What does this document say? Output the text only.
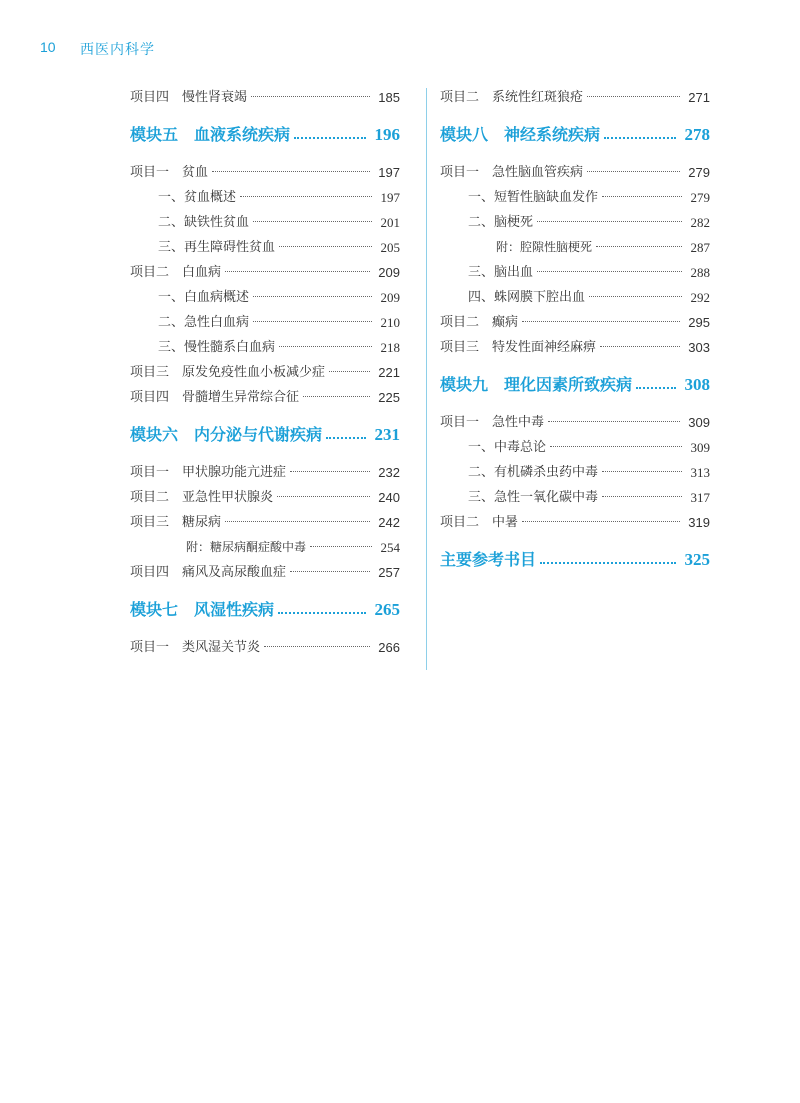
10 西医内科学
项目四　慢性肾衰竭	185
模块五　血液系统疾病	196
项目一　贫血	197
一、贫血概述	197
二、缺铁性贫血	201
三、再生障碍性贫血	205
项目二　白血病	209
一、白血病概述	209
二、急性白血病	210
三、慢性髓系白血病	218
项目三　原发免疫性血小板减少症	221
项目四　骨髓增生异常综合征	225
模块六　内分泌与代谢疾病	231
项目一　甲状腺功能亢进症	232
项目二　亚急性甲状腺炎	240
项目三　糖尿病	242
附：糖尿病酮症酸中毒	254
项目四　痛风及高尿酸血症	257
模块七　风湿性疾病	265
项目一　类风湿关节炎	266
项目二　系统性红斑狼疮	271
模块八　神经系统疾病	278
项目一　急性脑血管疾病	279
一、短暂性脑缺血发作	279
二、脑梗死	282
附：腔隙性脑梗死	287
三、脑出血	288
四、蛛网膜下腔出血	292
项目二　癫病	295
项目三　特发性面神经麻痹	303
模块九　理化因素所致疾病	308
项目一　急性中毒	309
一、中毒总论	309
二、有机磷杀虫药中毒	313
三、急性一氧化碳中毒	317
项目二　中暑	319
主要参考书目	325
